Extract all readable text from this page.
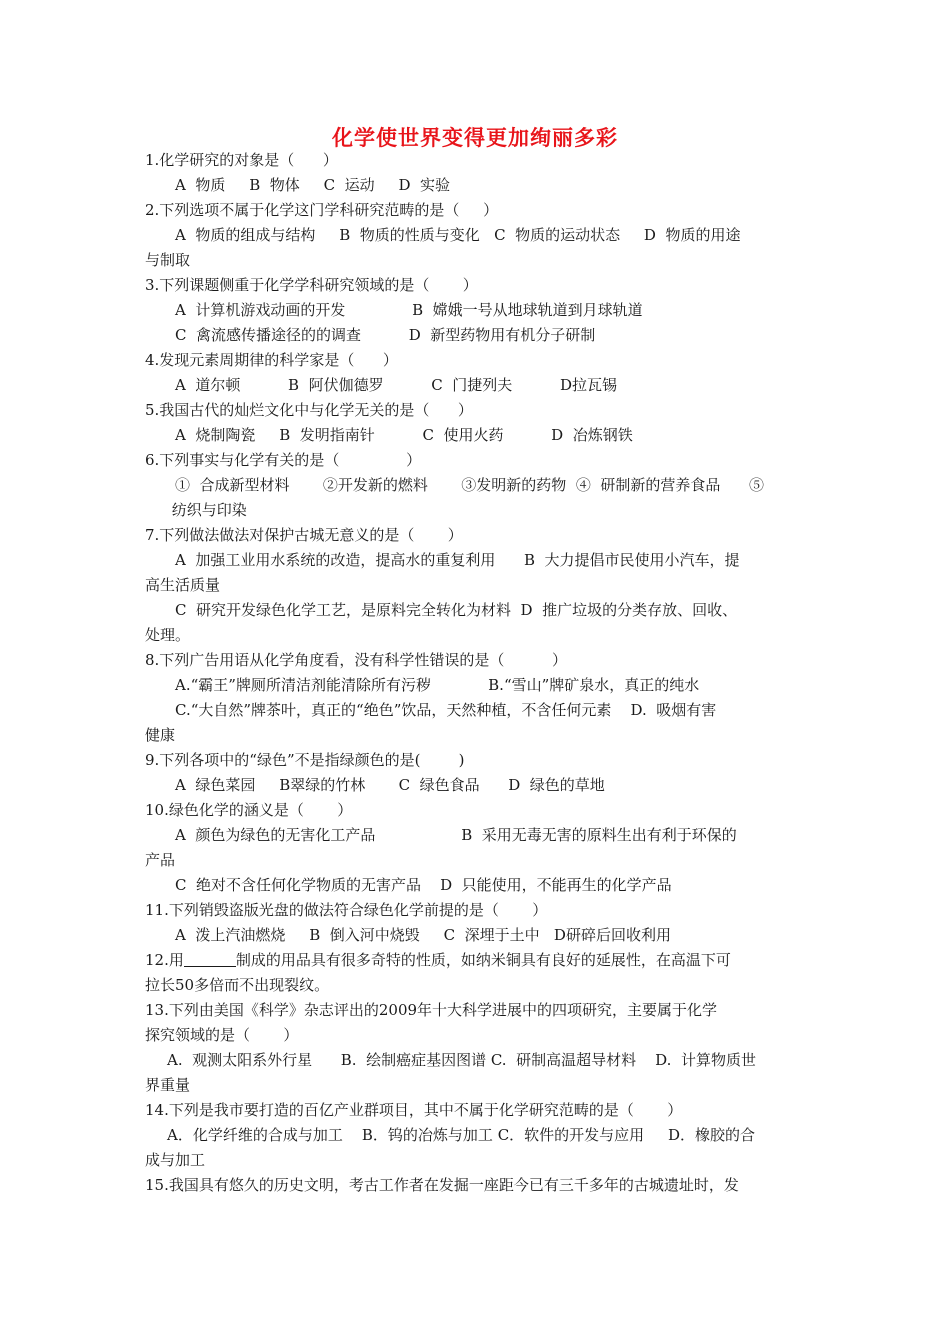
化学使世界变得更加绚丽多彩
1.化学研究的对象是（      ）
A  物质     B  物体     C  运动     D  实验
2.下列选项不属于化学这门学科研究范畴的是（     ）
A  物质的组成与结构     B  物质的性质与变化   C  物质的运动状态     D  物质的用途
与制取
3.下列课题侧重于化学学科研究领域的是（       ）
A  计算机游戏动画的开发              B  嫦娥一号从地球轨道到月球轨道
C  禽流感传播途径的的调查          D  新型药物用有机分子研制
4.发现元素周期律的科学家是（      ）
A  道尔顿          B  阿伏伽德罗          C  门捷列夫          D拉瓦锡
5.我国古代的灿烂文化中与化学无关的是（      ）
A  烧制陶瓷     B  发明指南针          C  使用火药          D  冶炼钢铁
6.下列事实与化学有关的是（              ）
①  合成新型材料       ②开发新的燃料       ③发明新的药物  ④  研制新的营养食品      ⑤
纺织与印染
7.下列做法做法对保护古城无意义的是（       ）
A  加强工业用水系统的改造，提高水的重复利用      B  大力提倡市民使用小汽车，提
高生活质量
C  研究开发绿色化学工艺，是原料完全转化为材料  D  推广垃圾的分类存放、回收、
处理。
8.下列广告用语从化学角度看，没有科学性错误的是（          ）
A.“霸王”牌厕所清洁剂能清除所有污秽            B.“雪山”牌矿泉水，真正的纯水
C.“大自然”牌茶叶，真正的“绝色”饮品，天然种植，不含任何元素    D.  吸烟有害
健康
9.下列各项中的“绿色”不是指绿颜色的是(        )
A  绿色菜园     B翠绿的竹林       C  绿色食品      D  绿色的草地
10.绿色化学的涵义是（       ）
A  颜色为绿色的无害化工产品                  B  采用无毒无害的原料生出有利于环保的
产品
C  绝对不含任何化学物质的无害产品    D  只能使用，不能再生的化学产品
11.下列销毁盗版光盘的做法符合绿色化学前提的是（       ）
A  泼上汽油燃烧     B  倒入河中烧毁     C  深埋于土中   D研碎后回收利用
12.用	制成的用品具有很多奇特的性质，如纳米铜具有良好的延展性，在高温下可
拉长50多倍而不出现裂纹。
13.下列由美国《科学》杂志评出的2009年十大科学进展中的四项研究，主要属于化学
探究领域的是（       ）
A.  观测太阳系外行星      B.  绘制癌症基因图谱 C.  研制高温超导材料    D.  计算物质世
界重量
14.下列是我市要打造的百亿产业群项目，其中不属于化学研究范畴的是（       ）
A．化学纤维的合成与加工    B．钨的冶炼与加工 C．软件的开发与应用     D．橡胶的合
成与加工
15.我国具有悠久的历史文明，考古工作者在发掘一座距今已有三千多年的古城遗址时，发
